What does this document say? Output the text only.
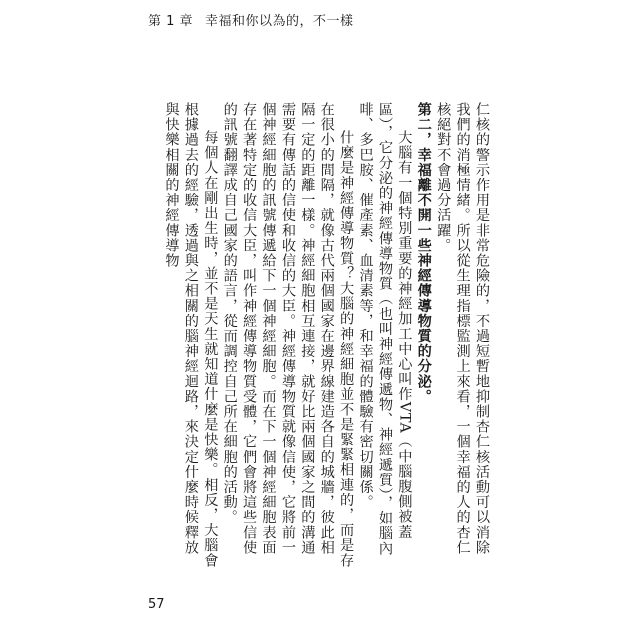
第 1 章 幸福和你以為的，不一樣

仁核的警示作用是非常危險的，不過短暫地抑制杏仁核活動可以消除我們的消極情緒。所以從生理指標監測上來看，一個幸福的人的杏仁核絕對不會過分活躍。

第二，幸福離不開一些神經傳導物質的分泌。

大腦有一個特別重要的神經加工中心叫作VTA（中腦腹側被蓋區），它分泌的神經傳導物質（也叫神經傳遞物、神經遞質），如腦內啡、多巴胺、催產素、血清素等，和幸福的體驗有密切關係。

什麼是神經傳導物質？大腦的神經細胞並不是緊緊相連的，而是存在很小的間隔，就像古代兩個國家在邊界線建造各自的城牆，彼此相隔一定的距離一樣。神經細胞相互連接，就好比兩個國家之間的溝通需要有傳話的信使和收信的大臣。神經傳導物質就像信使，它將前一個神經細胞的訊號傳遞給下一個神經細胞。而在下一個神經細胞表面存在著特定的收信大臣，叫作神經傳導物質受體，它們會將這些信使的訊號翻譯成自己國家的語言，從而調控自己所在細胞的活動。

每個人在剛出生時，並不是天生就知道什麼是快樂。相反，大腦會根據過去的經驗，透過與之相關的腦神經迴路，來決定什麼時候釋放與快樂相關的神經傳導物

57
